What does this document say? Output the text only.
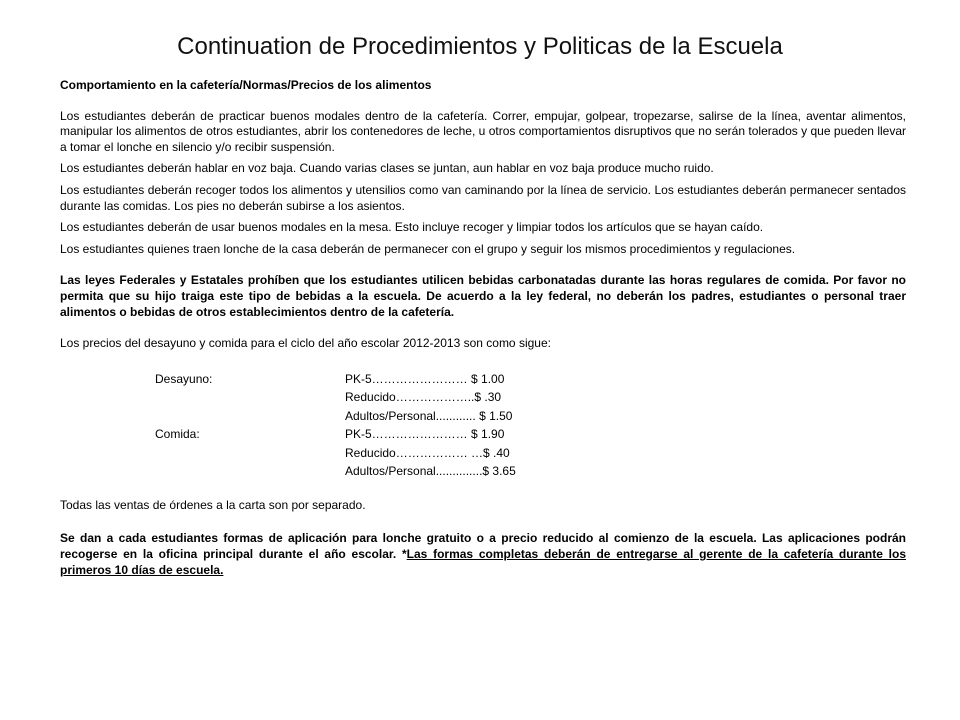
Continuation de Procedimientos y Politicas de la Escuela

Comportamiento en la cafetería/Normas/Precios de los alimentos

Los estudiantes deberán de practicar buenos modales dentro de la cafetería. Correr, empujar, golpear, tropezarse, salirse de la línea, aventar alimentos, manipular los alimentos de otros estudiantes, abrir los contenedores de leche, u otros comportamientos disruptivos que no serán tolerados y que pueden llevar a tomar el lonche en silencio y/o recibir suspensión.

Los estudiantes deberán hablar en voz baja. Cuando varias clases se juntan, aun hablar en voz baja produce mucho ruido.

Los estudiantes deberán recoger todos los alimentos y utensilios como van caminando por la línea de servicio. Los estudiantes deberán permanecer sentados durante las comidas. Los pies no deberán subirse a los asientos.

Los estudiantes deberán de usar buenos modales en la mesa. Esto incluye recoger y limpiar todos los artículos que se hayan caído.

Los estudiantes quienes traen lonche de la casa deberán de permanecer con el grupo y seguir los mismos procedimientos y regulaciones.

Las leyes Federales y Estatales prohíben que los estudiantes utilicen bebidas carbonatadas durante las horas regulares de comida. Por favor no permita que su hijo traiga este tipo de bebidas a la escuela. De acuerdo a la ley federal, no deberán los padres, estudiantes o personal traer alimentos o bebidas de otros establecimientos dentro de la cafetería.

Los precios del desayuno y comida para el ciclo del año escolar 2012-2013 son como sigue:

Desayuno:	PK-5…………………… $ 1.00
Reducido………………..$ .30
Adultos/Personal............ $ 1.50
Comida:	PK-5…………………… $ 1.90
Reducido……………… …$ .40
Adultos/Personal..............$ 3.65

Todas las ventas de órdenes a la carta son por separado.

Se dan a cada estudiantes formas de aplicación para lonche gratuito o a precio reducido al comienzo de la escuela. Las aplicaciones podrán recogerse en la oficina principal durante el año escolar. *Las formas completas deberán de entregarse al gerente de la cafetería durante los primeros 10 días de escuela.
